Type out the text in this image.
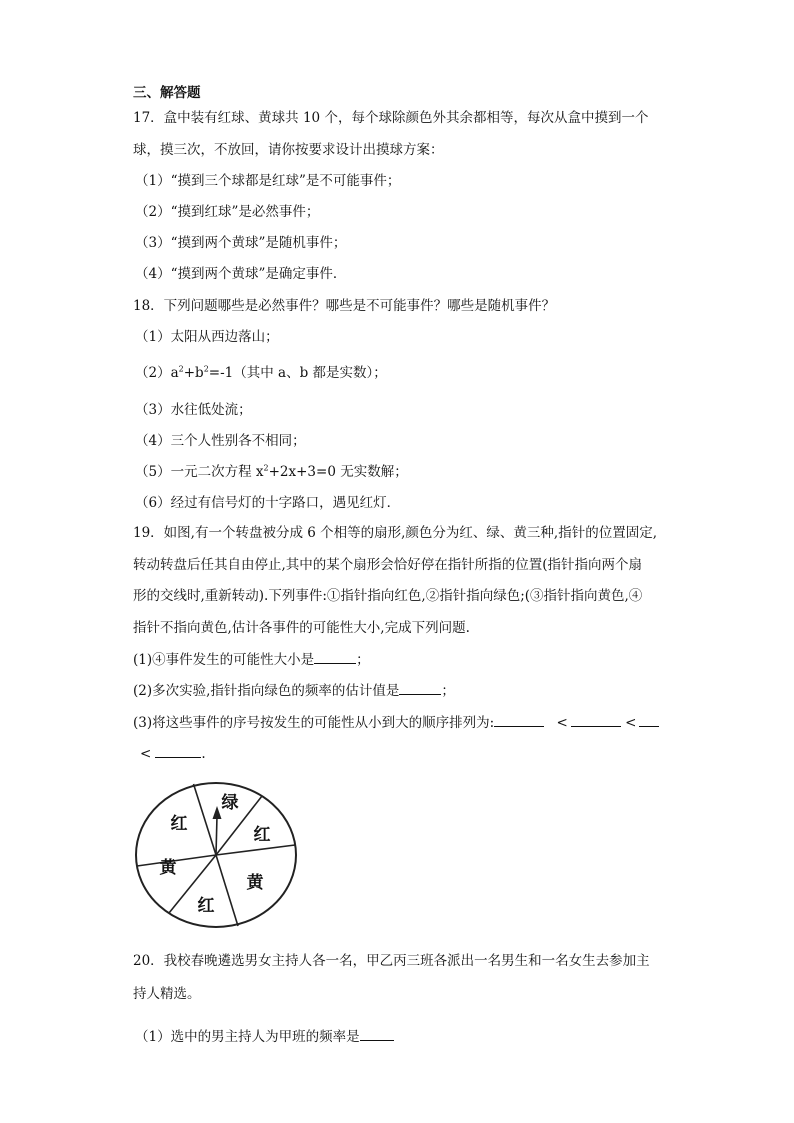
三、解答题
17．盒中装有红球、黄球共 10 个，每个球除颜色外其余都相等，每次从盒中摸到一个
球，摸三次，不放回，请你按要求设计出摸球方案：
（1）“摸到三个球都是红球”是不可能事件；
（2）“摸到红球”是必然事件；
（3）“摸到两个黄球”是随机事件；
（4）“摸到两个黄球”是确定事件．
18．下列问题哪些是必然事件？哪些是不可能事件？哪些是随机事件？
（1）太阳从西边落山；
$(2)a^2+b^2=-1$（其中 a、b 都是实数）；
（3）水往低处流；
（4）三个人性别各不相同；
（5）一元二次方程 $x^2+2x+3=0$ 无实数解；
（6）经过有信号灯的十字路口，遇见红灯．
19．如图,有一个转盘被分成 6 个相等的扇形,颜色分为红、绿、黄三种,指针的位置固定,
转动转盘后任其自由停止,其中的某个扇形会恰好停在指针所指的位置(指针指向两个扇
形的交线时,重新转动).下列事件:①指针指向红色,②指针指向绿色;(③指针指向黄色,④
指针不指向黄色,估计各事件的可能性大小,完成下列问题.
(1)④事件发生的可能性大小是	；
(2)多次实验,指针指向绿色的频率的估计值是	；
(3)将这些事件的序号按发生的可能性从小到大的顺序排列为:	<	<
<	.
绿
红
黄
红
黄
红
20．我校春晚遴选男女主持人各一名，甲乙丙三班各派出一名男生和一名女生去参加主
持人精选。
（1）选中的男主持人为甲班的频率是
